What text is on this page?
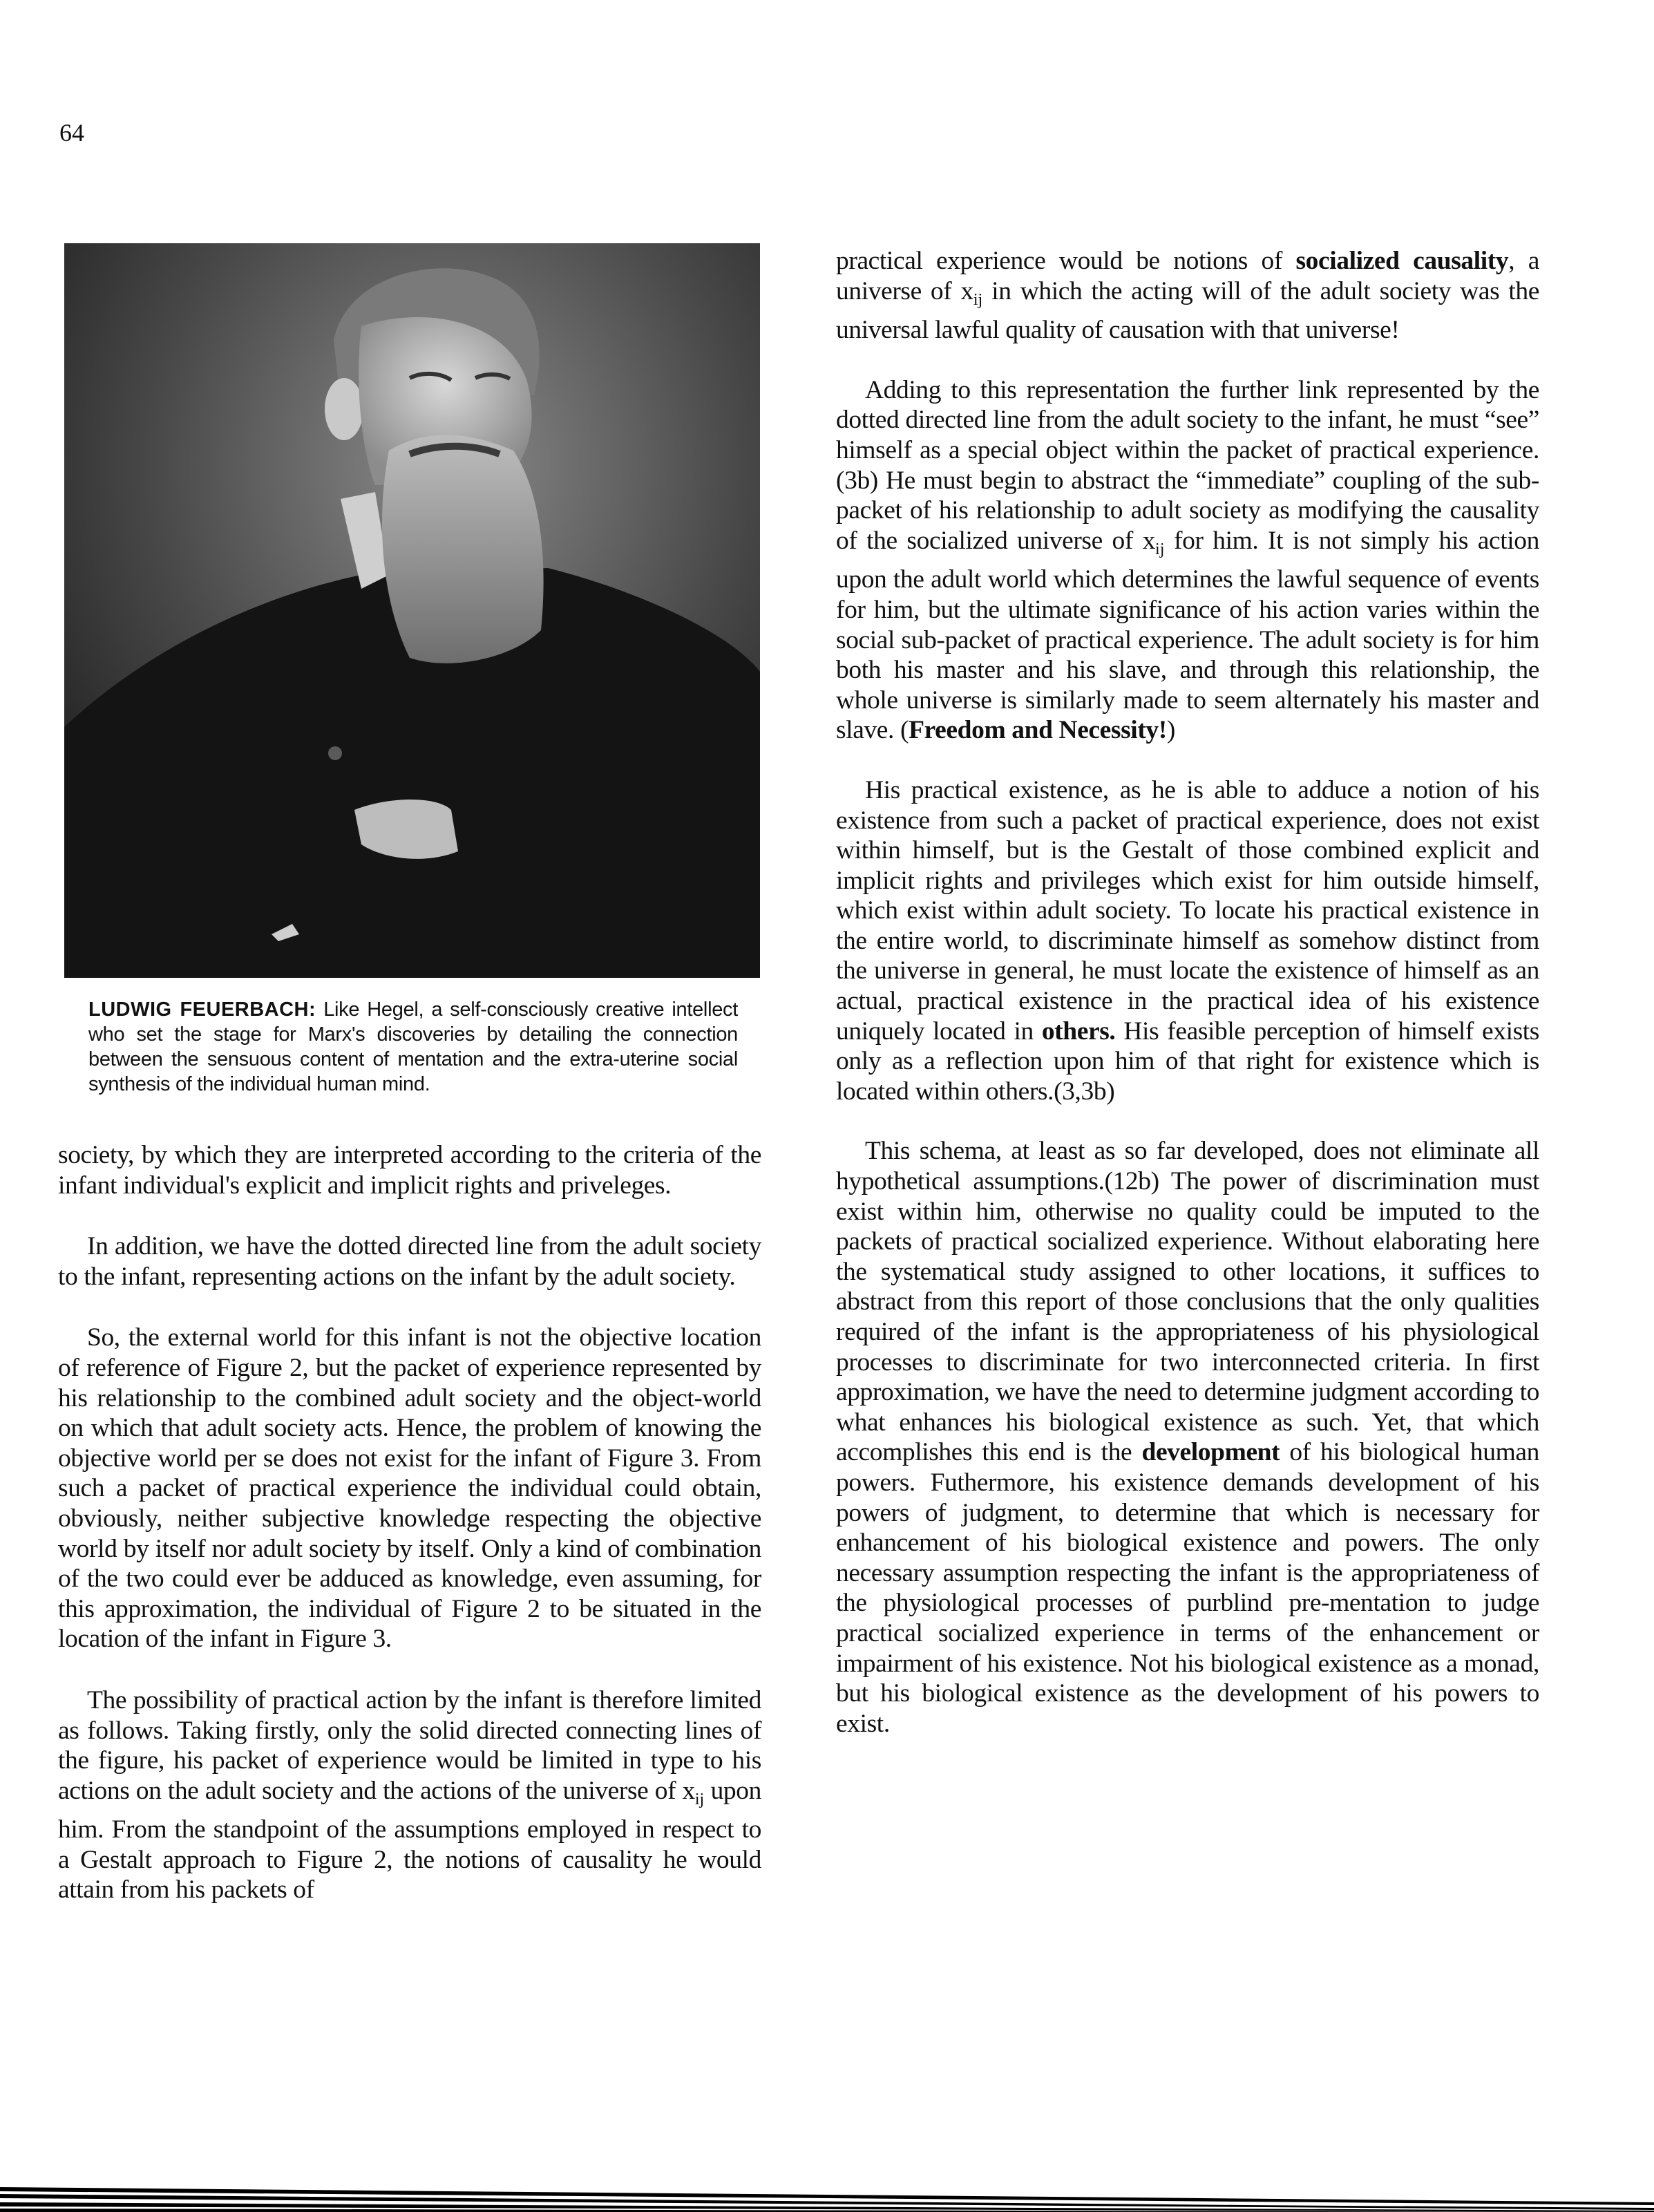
64
LUDWIG FEUERBACH: Like Hegel, a self-consciously creative intellect who set the stage for Marx's discoveries by detailing the connection between the sensuous content of mentation and the extra-uterine social synthesis of the individual human mind.

society, by which they are interpreted according to the criteria of the infant individual's explicit and implicit rights and priveleges.

In addition, we have the dotted directed line from the adult society to the infant, representing actions on the infant by the adult society.

So, the external world for this infant is not the objective location of reference of Figure 2, but the packet of experience represented by his relationship to the combined adult society and the object-world on which that adult society acts. Hence, the problem of knowing the objective world per se does not exist for the infant of Figure 3. From such a packet of practical experience the individual could obtain, obviously, neither subjective knowledge respecting the objective world by itself nor adult society by itself. Only a kind of combination of the two could ever be adduced as knowledge, even assuming, for this approximation, the individual of Figure 2 to be situated in the location of the infant in Figure 3.

The possibility of practical action by the infant is therefore limited as follows. Taking firstly, only the solid directed connecting lines of the figure, his packet of experience would be limited in type to his actions on the adult society and the actions of the universe of $x_{ij}$ upon him. From the standpoint of the assumptions employed in respect to a Gestalt approach to Figure 2, the notions of causality he would attain from his packets of

practical experience would be notions of socialized causality, a universe of $x_{ij}$ in which the acting will of the adult society was the universal lawful quality of causation with that universe!

Adding to this representation the further link represented by the dotted directed line from the adult society to the infant, he must “see” himself as a special object within the packet of practical experience.(3b) He must begin to abstract the “immediate” coupling of the sub-packet of his relationship to adult society as modifying the causality of the socialized universe of $x_{ij}$ for him. It is not simply his action upon the adult world which determines the lawful sequence of events for him, but the ultimate significance of his action varies within the social sub-packet of practical experience. The adult society is for him both his master and his slave, and through this relationship, the whole universe is similarly made to seem alternately his master and slave. (Freedom and Necessity!)

His practical existence, as he is able to adduce a notion of his existence from such a packet of practical experience, does not exist within himself, but is the Gestalt of those combined explicit and implicit rights and privileges which exist for him outside himself, which exist within adult society. To locate his practical existence in the entire world, to discriminate himself as somehow distinct from the universe in general, he must locate the existence of himself as an actual, practical existence in the practical idea of his existence uniquely located in others. His feasible perception of himself exists only as a reflection upon him of that right for existence which is located within others.(3,3b)

This schema, at least as so far developed, does not eliminate all hypothetical assumptions.(12b) The power of discrimination must exist within him, otherwise no quality could be imputed to the packets of practical socialized experience. Without elaborating here the systematical study assigned to other locations, it suffices to abstract from this report of those conclusions that the only qualities required of the infant is the appropriateness of his physiological processes to discriminate for two interconnected criteria. In first approximation, we have the need to determine judgment according to what enhances his biological existence as such. Yet, that which accomplishes this end is the development of his biological human powers. Futhermore, his existence demands development of his powers of judgment, to determine that which is necessary for enhancement of his biological existence and powers. The only necessary assumption respecting the infant is the appropriateness of the physiological processes of purblind pre-mentation to judge practical socialized experience in terms of the enhancement or impairment of his existence. Not his biological existence as a monad, but his biological existence as the development of his powers to exist.
